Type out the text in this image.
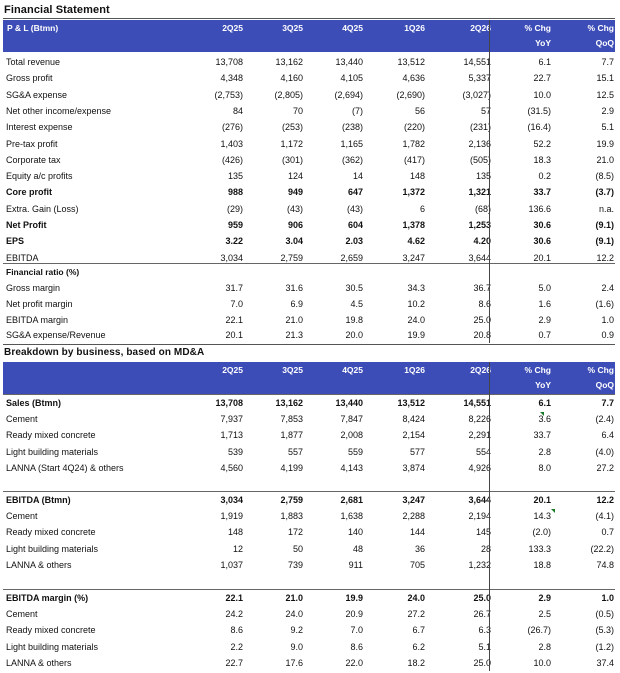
Financial Statement
P & L (Btmn)	2Q25	3Q25	4Q25	1Q26	2Q26	% Chg	% Chg
YoY	QoQ
Total revenue	13,708	13,162	13,440	13,512	14,551	6.1	7.7
Gross profit	4,348	4,160	4,105	4,636	5,337	22.7	15.1
SG&A expense	(2,753)	(2,805)	(2,694)	(2,690)	(3,027)	10.0	12.5
Net other income/expense	84	70	(7)	56	57	(31.5)	2.9
Interest expense	(276)	(253)	(238)	(220)	(231)	(16.4)	5.1
Pre-tax profit	1,403	1,172	1,165	1,782	2,136	52.2	19.9
Corporate tax	(426)	(301)	(362)	(417)	(505)	18.3	21.0
Equity a/c profits	135	124	14	148	135	0.2	(8.5)
Core profit	988	949	647	1,372	1,321	33.7	(3.7)
Extra. Gain (Loss)	(29)	(43)	(43)	6	(68)	136.6	n.a.
Net Profit	959	906	604	1,378	1,253	30.6	(9.1)
EPS	3.22	3.04	2.03	4.62	4.20	30.6	(9.1)
EBITDA	3,034	2,759	2,659	3,247	3,644	20.1	12.2
Financial ratio (%)
Gross margin	31.7	31.6	30.5	34.3	36.7	5.0	2.4
Net profit margin	7.0	6.9	4.5	10.2	8.6	1.6	(1.6)
EBITDA margin	22.1	21.0	19.8	24.0	25.0	2.9	1.0
SG&A expense/Revenue	20.1	21.3	20.0	19.9	20.8	0.7	0.9
Breakdown by business, based on MD&A
2Q25	3Q25	4Q25	1Q26	2Q26	% Chg	% Chg
YoY	QoQ
Sales (Btmn)	13,708	13,162	13,440	13,512	14,551	6.1	7.7
Cement	7,937	7,853	7,847	8,424	8,226	3.6	(2.4)
Ready mixed concrete	1,713	1,877	2,008	2,154	2,291	33.7	6.4
Light building materials	539	557	559	577	554	2.8	(4.0)
LANNA (Start 4Q24) & others	4,560	4,199	4,143	3,874	4,926	8.0	27.2
EBITDA (Btmn)	3,034	2,759	2,681	3,247	3,644	20.1	12.2
Cement	1,919	1,883	1,638	2,288	2,194	14.3	(4.1)
Ready mixed concrete	148	172	140	144	145	(2.0)	0.7
Light building materials	12	50	48	36	28	133.3	(22.2)
LANNA & others	1,037	739	911	705	1,232	18.8	74.8
EBITDA margin (%)	22.1	21.0	19.9	24.0	25.0	2.9	1.0
Cement	24.2	24.0	20.9	27.2	26.7	2.5	(0.5)
Ready mixed concrete	8.6	9.2	7.0	6.7	6.3	(26.7)	(5.3)
Light building materials	2.2	9.0	8.6	6.2	5.1	2.8	(1.2)
LANNA & others	22.7	17.6	22.0	18.2	25.0	10.0	37.4
